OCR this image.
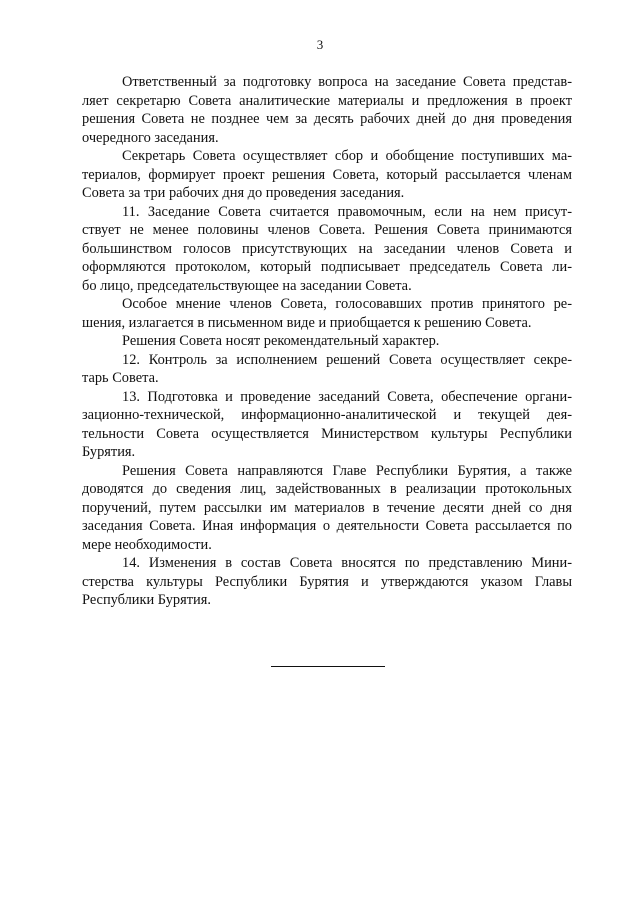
3
Ответственный за подготовку вопроса на заседание Совета представ-
ляет секретарю Совета аналитические материалы и предложения в проект
решения Совета не позднее чем за десять рабочих дней до дня проведения
очередного заседания.
Секретарь Совета осуществляет сбор и обобщение поступивших ма-
териалов, формирует проект решения Совета, который рассылается членам
Совета за три рабочих дня до проведения заседания.
11. Заседание Совета считается правомочным, если на нем присут-
ствует не менее половины членов Совета. Решения Совета принимаются
большинством голосов присутствующих на заседании членов Совета и
оформляются протоколом, который подписывает председатель Совета ли-
бо лицо, председательствующее на заседании Совета.
Особое мнение членов Совета, голосовавших против принятого ре-
шения, излагается в письменном виде и приобщается к решению Совета.
Решения Совета носят рекомендательный характер.
12. Контроль за исполнением решений Совета осуществляет секре-
тарь Совета.
13. Подготовка и проведение заседаний Совета, обеспечение органи-
зационно-технической, информационно-аналитической и текущей дея-
тельности Совета осуществляется Министерством культуры Республики
Бурятия.
Решения Совета направляются Главе Республики Бурятия, а также
доводятся до сведения лиц, задействованных в реализации протокольных
поручений, путем рассылки им материалов в течение десяти дней со дня
заседания Совета. Иная информация о деятельности Совета рассылается по
мере необходимости.
14. Изменения в состав Совета вносятся по представлению Мини-
стерства культуры Республики Бурятия и утверждаются указом Главы
Республики Бурятия.
